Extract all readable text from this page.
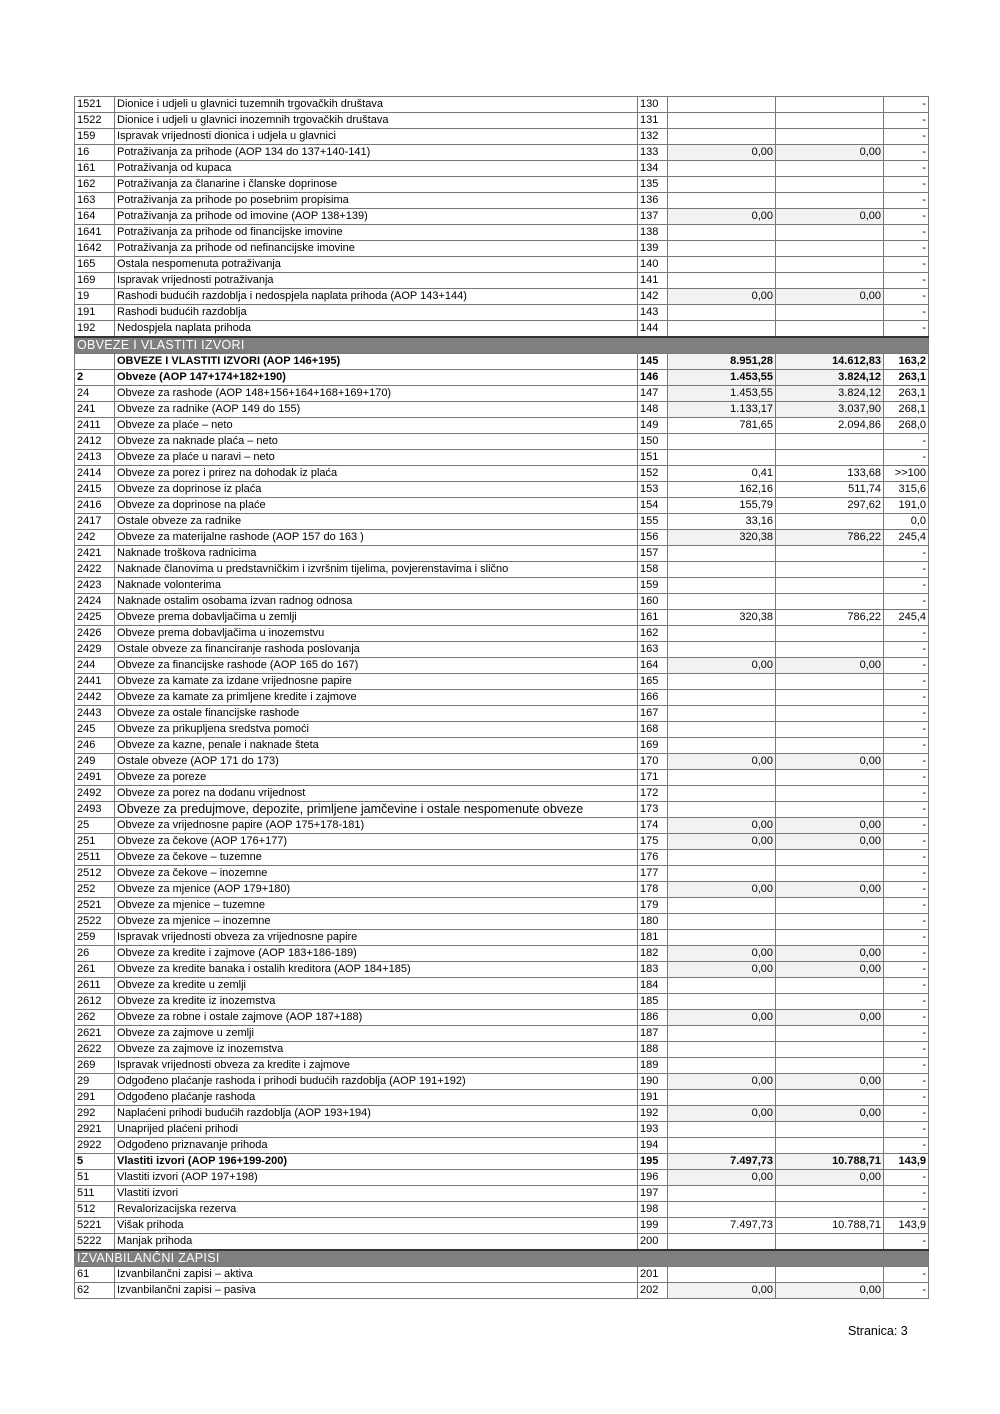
1521	Dionice i udjeli u glavnici tuzemnih trgovačkih društava	130			-
1522	Dionice i udjeli u glavnici inozemnih trgovačkih društava	131			-
159	Ispravak vrijednosti dionica i udjela u glavnici	132			-
16	Potraživanja za prihode (AOP 134 do 137+140-141)	133	0,00	0,00	-
161	Potraživanja od kupaca	134			-
162	Potraživanja za članarine i članske doprinose	135			-
163	Potraživanja za prihode po posebnim propisima	136			-
164	Potraživanja za prihode od imovine (AOP 138+139)	137	0,00	0,00	-
1641	Potraživanja za prihode od financijske imovine	138			-
1642	Potraživanja za prihode od nefinancijske imovine	139			-
165	Ostala nespomenuta potraživanja	140			-
169	Ispravak vrijednosti potraživanja	141			-
19	Rashodi budućih razdoblja i nedospjela naplata prihoda (AOP 143+144)	142	0,00	0,00	-
191	Rashodi budućih razdoblja	143			-
192	Nedospjela naplata prihoda	144			-
OBVEZE I VLASTITI IZVORI					
	OBVEZE I VLASTITI IZVORI (AOP 146+195)	145	8.951,28	14.612,83	163,2
2	Obveze (AOP 147+174+182+190)	146	1.453,55	3.824,12	263,1
24	Obveze za rashode (AOP 148+156+164+168+169+170)	147	1.453,55	3.824,12	263,1
241	Obveze za radnike (AOP 149 do 155)	148	1.133,17	3.037,90	268,1
2411	Obveze za plaće – neto	149	781,65	2.094,86	268,0
2412	Obveze za naknade plaća – neto	150			-
2413	Obveze za plaće u naravi – neto	151			-
2414	Obveze za porez i prirez na dohodak iz plaća	152	0,41	133,68	>>100
2415	Obveze za doprinose iz plaća	153	162,16	511,74	315,6
2416	Obveze za doprinose na plaće	154	155,79	297,62	191,0
2417	Ostale obveze za radnike	155	33,16		0,0
242	Obveze za materijalne rashode (AOP 157 do 163 )	156	320,38	786,22	245,4
2421	Naknade troškova radnicima	157			-
2422	Naknade članovima u predstavničkim i izvršnim tijelima, povjerenstavima i slično	158			-
2423	Naknade volonterima	159			-
2424	Naknade ostalim osobama izvan radnog odnosa	160			-
2425	Obveze prema dobavljačima u zemlji	161	320,38	786,22	245,4
2426	Obveze prema dobavljačima u inozemstvu	162			-
2429	Ostale obveze za financiranje rashoda poslovanja	163			-
244	Obveze za financijske rashode (AOP 165 do 167)	164	0,00	0,00	-
2441	Obveze za kamate za izdane vrijednosne papire	165			-
2442	Obveze za kamate za primljene kredite i zajmove	166			-
2443	Obveze za ostale financijske rashode	167			-
245	Obveze za prikupljena sredstva pomoći	168			-
246	Obveze za kazne, penale i naknade šteta	169			-
249	Ostale obveze (AOP 171 do 173)	170	0,00	0,00	-
2491	Obveze za poreze	171			-
2492	Obveze za porez na dodanu vrijednost	172			-
2493	Obveze za predujmove, depozite, primljene jamčevine i ostale nespomenute obveze	173			-
25	Obveze za vrijednosne papire (AOP 175+178-181)	174	0,00	0,00	-
251	Obveze za čekove (AOP 176+177)	175	0,00	0,00	-
2511	Obveze za čekove – tuzemne	176			-
2512	Obveze za čekove – inozemne	177			-
252	Obveze za mjenice (AOP 179+180)	178	0,00	0,00	-
2521	Obveze za mjenice – tuzemne	179			-
2522	Obveze za mjenice – inozemne	180			-
259	Ispravak vrijednosti obveza za vrijednosne papire	181			-
26	Obveze za kredite i zajmove (AOP 183+186-189)	182	0,00	0,00	-
261	Obveze za kredite banaka i ostalih kreditora (AOP 184+185)	183	0,00	0,00	-
2611	Obveze za kredite u zemlji	184			-
2612	Obveze za kredite iz inozemstva	185			-
262	Obveze za robne i ostale zajmove (AOP 187+188)	186	0,00	0,00	-
2621	Obveze za zajmove u zemlji	187			-
2622	Obveze za zajmove iz inozemstva	188			-
269	Ispravak vrijednosti obveza za kredite i zajmove	189			-
29	Odgođeno plaćanje rashoda i prihodi budućih razdoblja (AOP 191+192)	190	0,00	0,00	-
291	Odgođeno plaćanje rashoda	191			-
292	Naplaćeni prihodi budućih razdoblja (AOP 193+194)	192	0,00	0,00	-
2921	Unaprijed plaćeni prihodi	193			-
2922	Odgođeno priznavanje prihoda	194			-
5	Vlastiti izvori (AOP 196+199-200)	195	7.497,73	10.788,71	143,9
51	Vlastiti izvori (AOP 197+198)	196	0,00	0,00	-
511	Vlastiti izvori	197			-
512	Revalorizacijska rezerva	198			-
5221	Višak prihoda	199	7.497,73	10.788,71	143,9
5222	Manjak prihoda	200			-
IZVANBILANČNI ZAPISI					
61	Izvanbilančni zapisi – aktiva	201			-
62	Izvanbilančni zapisi – pasiva	202	0,00	0,00	-
Stranica: 3
